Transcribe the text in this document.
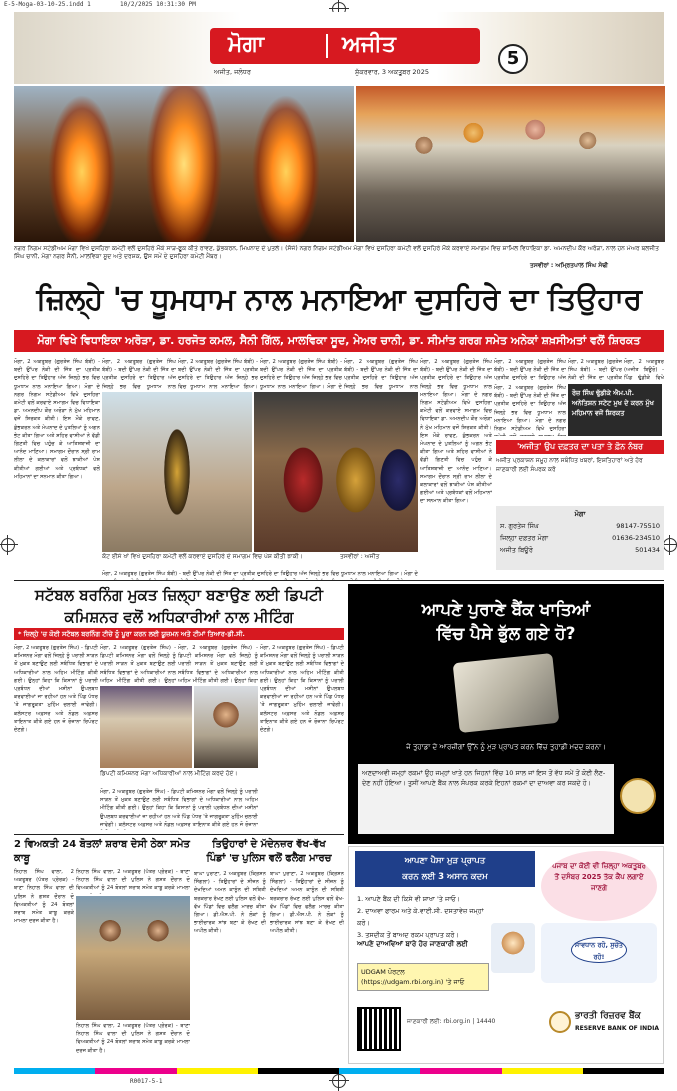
E-5-Moga-03-10-25.indd 1	10/2/2025 10:31:30 PM
ਮੋਗਾ	ਅਜੀਤ
ਅਜੀਤ, ਜਲੰਧਰ	ਸ਼ੁੱਕਰਵਾਰ, 3 ਅਕਤੂਬਰ 2025
5
ਨਗਰ ਨਿਗਮ ਸਟੇਡੀਅਮ ਮੋਗਾ ਵਿਖੇ ਦੁਸਹਿਰਾ ਕਮੇਟੀ ਵਲੋਂ ਦੁਸਹਿਰੇ ਮੌਕੇ ਸਾੜ-ਫੂਕ ਕੀਤੇ ਰਾਵਣ, ਕੁੰਭਕਰਨ, ਮਿਘਨਾਦ ਦੇ ਪੁਤਲੇ। (ਸੱਜੇ) ਨਗਰ ਨਿਗਮ ਸਟੇਡੀਅਮ ਮੋਗਾ ਵਿਖੇ ਦੁਸਹਿਰਾ ਕਮੇਟੀ ਵਲੋਂ ਦੁਸਹਿਰੇ ਮੌਕੇ ਕਰਵਾਏ ਸਮਾਗਮ ਵਿਚ ਸ਼ਾਮਿਲ ਵਿਧਾਇਕਾ ਡਾ. ਅਮਨਦੀਪ ਕੌਰ ਅਰੋੜਾ, ਨਾਲ ਹਨ ਮੇਅਰ ਬਲਜੀਤ ਸਿੰਘ ਚਾਨੀ, ਮੋਗਾ ਨਗਰ ਸੈਨੀ, ਮਾਲਵਿਕਾ ਸੂਦ ਅਤੇ ਦਰਸ਼ਕ, ਉਸ ਸਮੇਂ ਦੇ ਦੁਸਹਿਰਾ ਕਮੇਟੀ ਮੈਂਬਰ।
ਤਸਵੀਰਾਂ : ਅਮ੍ਰਿਤਪਾਲ ਸਿੰਘ ਸੋਢੀ
ਜ਼ਿਲ੍ਹੇ 'ਚ ਧੂਮਧਾਮ ਨਾਲ ਮਨਾਇਆ ਦੁਸਹਿਰੇ ਦਾ ਤਿਉਹਾਰ
ਮੋਗਾ ਵਿਖੇ ਵਿਧਾਇਕਾ ਅਰੋੜਾ, ਡਾ. ਹਰਜੋਤ ਕਮਲ, ਸੈਨੀ ਗਿੱਲ, ਮਾਲਵਿਕਾ ਸੂਦ, ਮੇਅਰ ਚਾਨੀ, ਡਾ. ਸੀਮਾਂਤ ਗਰਗ ਸਮੇਤ ਅਨੇਕਾਂ ਸ਼ਖ਼ਸੀਅਤਾਂ ਵਲੋਂ ਸ਼ਿਰਕਤ
ਮੋਗਾ, 2 ਅਕਤੂਬਰ (ਗੁਰਤੇਜ ਸਿੰਘ ਬੱਬੀ) - ਬਦੀ ਉੱਪਰ ਨੇਕੀ ਦੀ ਜਿੱਤ ਦਾ ਪ੍ਰਤੀਕ ਦੁਸਹਿਰੇ ਦਾ ਤਿਉਹਾਰ ਅੱਜ ਜ਼ਿਲ੍ਹੇ ਭਰ ਵਿਚ ਧੂਮਧਾਮ ਨਾਲ ਮਨਾਇਆ ਗਿਆ। ਮੋਗਾ ਦੇ ਨਗਰ ਨਿਗਮ ਸਟੇਡੀਅਮ ਵਿਖੇ ਦੁਸਹਿਰਾ ਕਮੇਟੀ ਵਲੋਂ ਕਰਵਾਏ ਸਮਾਗਮ ਵਿਚ ਵਿਧਾਇਕਾ ਡਾ. ਅਮਨਦੀਪ ਕੌਰ ਅਰੋੜਾ ਨੇ ਮੁੱਖ ਮਹਿਮਾਨ ਵਜੋਂ ਸ਼ਿਰਕਤ ਕੀਤੀ। ਇਸ ਮੌਕੇ ਰਾਵਣ, ਕੁੰਭਕਰਨ ਅਤੇ ਮੇਘਨਾਦ ਦੇ ਪੁਤਲਿਆਂ ਨੂੰ ਅਗਨ ਭੇਟ ਕੀਤਾ ਗਿਆ ਅਤੇ ਸ਼ਹਿਰ ਵਾਸੀਆਂ ਨੇ ਵੱਡੀ ਗਿਣਤੀ ਵਿਚ ਪਹੁੰਚ ਕੇ ਆਤਿਸ਼ਬਾਜ਼ੀ ਦਾ ਆਨੰਦ ਮਾਣਿਆ। ਸਮਾਗਮ ਦੌਰਾਨ ਸ੍ਰੀ ਰਾਮ ਲੀਲਾ ਦੇ ਕਲਾਕਾਰਾਂ ਵਲੋਂ ਝਾਕੀਆਂ ਪੇਸ਼ ਕੀਤੀਆਂ ਗਈਆਂ ਅਤੇ ਪ੍ਰਬੰਧਕਾਂ ਵਲੋਂ ਮਹਿਮਾਨਾਂ ਦਾ ਸਨਮਾਨ ਕੀਤਾ ਗਿਆ।
ਮੋਗਾ, 2 ਅਕਤੂਬਰ (ਗੁਰਤੇਜ ਸਿੰਘ ਬੱਬੀ) - ਬਦੀ ਉੱਪਰ ਨੇਕੀ ਦੀ ਜਿੱਤ ਦਾ ਪ੍ਰਤੀਕ ਦੁਸਹਿਰੇ ਦਾ ਤਿਉਹਾਰ ਅੱਜ ਜ਼ਿਲ੍ਹੇ ਭਰ ਵਿਚ ਧੂਮਧਾਮ ਨਾਲ
ਮੋਗਾ, 2 ਅਕਤੂਬਰ (ਗੁਰਤੇਜ ਸਿੰਘ ਬੱਬੀ) - ਬਦੀ ਉੱਪਰ ਨੇਕੀ ਦੀ ਜਿੱਤ ਦਾ ਪ੍ਰਤੀਕ ਦੁਸਹਿਰੇ ਦਾ ਤਿਉਹਾਰ ਅੱਜ ਜ਼ਿਲ੍ਹੇ ਭਰ ਵਿਚ ਧੂਮਧਾਮ ਨਾਲ ਮਨਾਇਆ ਗਿਆ।
ਮੋਗਾ, 2 ਅਕਤੂਬਰ (ਗੁਰਤੇਜ ਸਿੰਘ ਬੱਬੀ) - ਬਦੀ ਉੱਪਰ ਨੇਕੀ ਦੀ ਜਿੱਤ ਦਾ ਪ੍ਰਤੀਕ ਦੁਸਹਿਰੇ ਦਾ ਤਿਉਹਾਰ ਅੱਜ ਜ਼ਿਲ੍ਹੇ ਭਰ ਵਿਚ ਧੂਮਧਾਮ ਨਾਲ ਮਨਾਇਆ ਗਿਆ। ਮੋਗਾ ਦੇ
ਮੋਗਾ, 2 ਅਕਤੂਬਰ (ਗੁਰਤੇਜ ਸਿੰਘ ਬੱਬੀ) - ਬਦੀ ਉੱਪਰ ਨੇਕੀ ਦੀ ਜਿੱਤ ਦਾ ਪ੍ਰਤੀਕ ਦੁਸਹਿਰੇ ਦਾ ਤਿਉਹਾਰ ਅੱਜ ਜ਼ਿਲ੍ਹੇ ਭਰ ਵਿਚ ਧੂਮਧਾਮ ਨਾਲ
ਕੋਟ ਈਸੇ ਖਾਂ ਵਿਖੇ ਦੁਸਹਿਰਾ ਕਮੇਟੀ ਵਲੋਂ ਕਰਵਾਏ ਦੁਸਹਿਰੇ ਦੇ ਸਮਾਗਮ ਵਿਚ ਪੇਸ਼ ਕੀਤੀ ਝਾਕੀ।	ਤਸਵੀਰਾਂ : ਅਜੀਤ
ਮੋਗਾ, 2 ਅਕਤੂਬਰ (ਗੁਰਤੇਜ ਸਿੰਘ ਬੱਬੀ) - ਬਦੀ ਉੱਪਰ ਨੇਕੀ ਦੀ ਜਿੱਤ ਦਾ ਪ੍ਰਤੀਕ ਦੁਸਹਿਰੇ ਦਾ ਤਿਉਹਾਰ ਅੱਜ ਜ਼ਿਲ੍ਹੇ ਭਰ ਵਿਚ ਧੂਮਧਾਮ ਨਾਲ ਮਨਾਇਆ ਗਿਆ। ਮੋਗਾ ਦੇ
ਮੋਗਾ, 2 ਅਕਤੂਬਰ (ਗੁਰਤੇਜ ਸਿੰਘ ਬੱਬੀ) - ਬਦੀ ਉੱਪਰ ਨੇਕੀ ਦੀ ਜਿੱਤ ਦਾ ਪ੍ਰਤੀਕ ਦੁਸਹਿਰੇ ਦਾ ਤਿਉਹਾਰ ਅੱਜ ਜ਼ਿਲ੍ਹੇ ਭਰ ਵਿਚ ਧੂਮਧਾਮ ਨਾਲ ਮਨਾਇਆ ਗਿਆ। ਮੋਗਾ ਦੇ ਨਗਰ ਨਿਗਮ ਸਟੇਡੀਅਮ ਵਿਖੇ ਦੁਸਹਿਰਾ ਕਮੇਟੀ ਵਲੋਂ ਕਰਵਾਏ ਸਮਾਗਮ ਵਿਚ ਵਿਧਾਇਕਾ ਡਾ. ਅਮਨਦੀਪ ਕੌਰ ਅਰੋੜਾ ਨੇ ਮੁੱਖ ਮਹਿਮਾਨ ਵਜੋਂ ਸ਼ਿਰਕਤ ਕੀਤੀ। ਇਸ ਮੌਕੇ ਰਾਵਣ, ਕੁੰਭਕਰਨ ਅਤੇ ਮੇਘਨਾਦ ਦੇ ਪੁਤਲਿਆਂ ਨੂੰ ਅਗਨ ਭੇਟ ਕੀਤਾ ਗਿਆ ਅਤੇ ਸ਼ਹਿਰ ਵਾਸੀਆਂ ਨੇ ਵੱਡੀ ਗਿਣਤੀ ਵਿਚ ਪਹੁੰਚ ਕੇ ਆਤਿਸ਼ਬਾਜ਼ੀ ਦਾ ਆਨੰਦ ਮਾਣਿਆ। ਸਮਾਗਮ ਦੌਰਾਨ ਸ੍ਰੀ ਰਾਮ ਲੀਲਾ ਦੇ ਕਲਾਕਾਰਾਂ ਵਲੋਂ ਝਾਕੀਆਂ ਪੇਸ਼ ਕੀਤੀਆਂ ਗਈਆਂ ਅਤੇ ਪ੍ਰਬੰਧਕਾਂ ਵਲੋਂ ਮਹਿਮਾਨਾਂ ਦਾ ਸਨਮਾਨ ਕੀਤਾ ਗਿਆ।
ਮੋਗਾ, 2 ਅਕਤੂਬਰ (ਗੁਰਤੇਜ ਸਿੰਘ ਬੱਬੀ) - ਬਦੀ ਉੱਪਰ ਨੇਕੀ ਦੀ ਜਿੱਤ ਦਾ ਪ੍ਰਤੀਕ ਦੁਸਹਿਰੇ ਦਾ ਤਿਉਹਾਰ ਅੱਜ
ਮੋਗਾ, 2 ਅਕਤੂਬਰ (ਗੁਰਤੇਜ ਸਿੰਘ ਬੱਬੀ) - ਬਦੀ ਉੱਪਰ ਨੇਕੀ ਦੀ ਜਿੱਤ ਦਾ ਪ੍ਰਤੀਕ
ਰੋਜ਼ ਸਿੰਘ ਢੁੱਡੀਕੇ ਐਮ.ਪੀ. ਅਨੇਤਿਸ਼ਨ ਸਟੇਟ ਮੁਖ ਦੇ ਕਰਨ ਮੁੱਖ ਮਹਿਮਾਨ ਵਜੋਂ ਸ਼ਿਰਕਤ
ਮੋਗਾ, 2 ਅਕਤੂਬਰ (ਅਜੀਤ ਬਿਊਰੋ) - ਪਿੰਡ ਢੁੱਡੀਕੇ ਵਿਖੇ
ਮੋਗਾ, 2 ਅਕਤੂਬਰ (ਗੁਰਤੇਜ ਸਿੰਘ ਬੱਬੀ) - ਬਦੀ ਉੱਪਰ ਨੇਕੀ ਦੀ ਜਿੱਤ ਦਾ ਪ੍ਰਤੀਕ ਦੁਸਹਿਰੇ ਦਾ ਤਿਉਹਾਰ ਅੱਜ ਜ਼ਿਲ੍ਹੇ ਭਰ ਵਿਚ ਧੂਮਧਾਮ ਨਾਲ ਮਨਾਇਆ ਗਿਆ। ਮੋਗਾ ਦੇ ਨਗਰ ਨਿਗਮ ਸਟੇਡੀਅਮ ਵਿਖੇ ਦੁਸਹਿਰਾ
'ਅਜੀਤ' ਉਪ ਦਫ਼ਤਰ ਦਾ ਪਤਾ ਤੇ ਫ਼ੋਨ ਨੰਬਰ
ਅਜੀਤ ਪ੍ਰਕਾਸ਼ਨ ਸਮੂਹ ਨਾਲ ਸਬੰਧਿਤ ਖ਼ਬਰਾਂ, ਇਸ਼ਤਿਹਾਰਾਂ ਅਤੇ ਹੋਰ ਜਾਣਕਾਰੀ ਲਈ ਸੰਪਰਕ ਕਰੋ
ਮੋਗਾ
ਸ. ਗੁਰਤੇਜ ਸਿੰਘ	98147-75510
ਜਿਲ੍ਹਾ ਦਫ਼ਤਰ ਮੋਗਾ	01636-234510
ਅਜੀਤ ਬਿਊਰੋ	501434
ਸਟੱਬਲ ਬਰਨਿੰਗ ਮੁਕਤ ਜ਼ਿਲ੍ਹਾ ਬਣਾਉਣ ਲਈ ਡਿਪਟੀ
ਕਮਿਸ਼ਨਰ ਵਲੋਂ ਅਧਿਕਾਰੀਆਂ ਨਾਲ ਮੀਟਿੰਗ
* ਜ਼ਿਲ੍ਹੇ 'ਚ ਕੋਈ ਸਟੱਬਲ ਬਰਨਿੰਗ ਟੀਚੇ ਨੂੰ ਪੂਰਾ ਕਰਨ ਲਈ ਯੂਜ਼ਮਨ ਅਤੇ ਟੀਮਾਂ ਤਿਆਰ-ਡੀ.ਸੀ.
ਮੋਗਾ, 2 ਅਕਤੂਬਰ (ਗੁਰਤੇਜ ਸਿੰਘ) - ਡਿਪਟੀ ਕਮਿਸ਼ਨਰ ਮੋਗਾ ਵਲੋਂ ਜ਼ਿਲ੍ਹੇ ਨੂੰ ਪਰਾਲੀ ਸਾੜਨ ਤੋਂ ਮੁਕਤ ਬਣਾਉਣ ਲਈ ਸਬੰਧਿਤ ਵਿਭਾਗਾਂ ਦੇ ਅਧਿਕਾਰੀਆਂ ਨਾਲ ਅਹਿਮ ਮੀਟਿੰਗ ਕੀਤੀ ਗਈ। ਉਨ੍ਹਾਂ ਕਿਹਾ ਕਿ ਕਿਸਾਨਾਂ ਨੂੰ ਪਰਾਲੀ ਪ੍ਰਬੰਧਨ ਦੀਆਂ ਮਸ਼ੀਨਾਂ ਉਪਲਬਧ ਕਰਵਾਈਆਂ ਜਾ ਰਹੀਆਂ ਹਨ ਅਤੇ ਪਿੰਡ ਪੱਧਰ 'ਤੇ ਜਾਗਰੂਕਤਾ ਮੁਹਿੰਮ ਚਲਾਈ ਜਾਵੇਗੀ। ਕਲੱਸਟਰ ਅਫ਼ਸਰ ਅਤੇ ਨੋਡਲ ਅਫ਼ਸਰ ਤਾਇਨਾਤ ਕੀਤੇ ਗਏ ਹਨ ਜੋ ਰੋਜ਼ਾਨਾ ਰਿਪੋਰਟ ਦੇਣਗੇ।
ਮੋਗਾ, 2 ਅਕਤੂਬਰ (ਗੁਰਤੇਜ ਸਿੰਘ) - ਡਿਪਟੀ ਕਮਿਸ਼ਨਰ ਮੋਗਾ ਵਲੋਂ ਜ਼ਿਲ੍ਹੇ ਨੂੰ ਪਰਾਲੀ ਸਾੜਨ ਤੋਂ ਮੁਕਤ ਬਣਾਉਣ ਲਈ ਸਬੰਧਿਤ ਵਿਭਾਗਾਂ ਦੇ ਅਧਿਕਾਰੀਆਂ ਨਾਲ ਅਹਿਮ ਮੀਟਿੰਗ ਕੀਤੀ ਗਈ। ਉਨ੍ਹਾਂ
ਮੋਗਾ, 2 ਅਕਤੂਬਰ (ਗੁਰਤੇਜ ਸਿੰਘ) - ਡਿਪਟੀ ਕਮਿਸ਼ਨਰ ਮੋਗਾ ਵਲੋਂ ਜ਼ਿਲ੍ਹੇ ਨੂੰ ਪਰਾਲੀ ਸਾੜਨ ਤੋਂ ਮੁਕਤ ਬਣਾਉਣ ਲਈ ਸਬੰਧਿਤ ਵਿਭਾਗਾਂ ਦੇ ਅਧਿਕਾਰੀਆਂ ਨਾਲ ਅਹਿਮ ਮੀਟਿੰਗ ਕੀਤੀ ਗਈ। ਉਨ੍ਹਾਂ ਕਿਹਾ
ਮੋਗਾ, 2 ਅਕਤੂਬਰ (ਗੁਰਤੇਜ ਸਿੰਘ) - ਡਿਪਟੀ ਕਮਿਸ਼ਨਰ ਮੋਗਾ ਵਲੋਂ ਜ਼ਿਲ੍ਹੇ ਨੂੰ ਪਰਾਲੀ ਸਾੜਨ ਤੋਂ ਮੁਕਤ ਬਣਾਉਣ ਲਈ ਸਬੰਧਿਤ ਵਿਭਾਗਾਂ ਦੇ ਅਧਿਕਾਰੀਆਂ ਨਾਲ ਅਹਿਮ ਮੀਟਿੰਗ ਕੀਤੀ ਗਈ। ਉਨ੍ਹਾਂ ਕਿਹਾ ਕਿ ਕਿਸਾਨਾਂ ਨੂੰ ਪਰਾਲੀ ਪ੍ਰਬੰਧਨ ਦੀਆਂ ਮਸ਼ੀਨਾਂ ਉਪਲਬਧ ਕਰਵਾਈਆਂ ਜਾ ਰਹੀਆਂ ਹਨ ਅਤੇ ਪਿੰਡ ਪੱਧਰ 'ਤੇ ਜਾਗਰੂਕਤਾ ਮੁਹਿੰਮ ਚਲਾਈ ਜਾਵੇਗੀ। ਕਲੱਸਟਰ ਅਫ਼ਸਰ ਅਤੇ ਨੋਡਲ ਅਫ਼ਸਰ ਤਾਇਨਾਤ ਕੀਤੇ ਗਏ ਹਨ ਜੋ ਰੋਜ਼ਾਨਾ ਰਿਪੋਰਟ ਦੇਣਗੇ।
ਡਿਪਟੀ ਕਮਿਸ਼ਨਰ ਮੋਗਾ ਅਧਿਕਾਰੀਆਂ ਨਾਲ ਮੀਟਿੰਗ ਕਰਦੇ ਹੋਏ।
ਮੋਗਾ, 2 ਅਕਤੂਬਰ (ਗੁਰਤੇਜ ਸਿੰਘ) - ਡਿਪਟੀ ਕਮਿਸ਼ਨਰ ਮੋਗਾ ਵਲੋਂ ਜ਼ਿਲ੍ਹੇ ਨੂੰ ਪਰਾਲੀ ਸਾੜਨ ਤੋਂ ਮੁਕਤ ਬਣਾਉਣ ਲਈ ਸਬੰਧਿਤ ਵਿਭਾਗਾਂ ਦੇ ਅਧਿਕਾਰੀਆਂ ਨਾਲ ਅਹਿਮ ਮੀਟਿੰਗ ਕੀਤੀ ਗਈ। ਉਨ੍ਹਾਂ ਕਿਹਾ ਕਿ ਕਿਸਾਨਾਂ ਨੂੰ ਪਰਾਲੀ ਪ੍ਰਬੰਧਨ ਦੀਆਂ ਮਸ਼ੀਨਾਂ ਉਪਲਬਧ ਕਰਵਾਈਆਂ ਜਾ ਰਹੀਆਂ ਹਨ ਅਤੇ ਪਿੰਡ ਪੱਧਰ 'ਤੇ ਜਾਗਰੂਕਤਾ ਮੁਹਿੰਮ ਚਲਾਈ ਜਾਵੇਗੀ। ਕਲੱਸਟਰ ਅਫ਼ਸਰ ਅਤੇ ਨੋਡਲ ਅਫ਼ਸਰ ਤਾਇਨਾਤ ਕੀਤੇ ਗਏ ਹਨ ਜੋ ਰੋਜ਼ਾਨਾ
2 ਵਿਅਕਤੀ 24 ਬੋਤਲਾਂ ਸ਼ਰਾਬ ਦੇਸੀ ਠੇਕਾ ਸਮੇਤ ਕਾਬੂ
ਨਿਹਾਲ ਸਿੰਘ ਵਾਲਾ, 2 ਅਕਤੂਬਰ (ਪੱਤਰ ਪ੍ਰੇਰਕ) - ਥਾਣਾ ਨਿਹਾਲ ਸਿੰਘ ਵਾਲਾ ਦੀ ਪੁਲਿਸ ਨੇ ਗਸ਼ਤ ਦੌਰਾਨ ਦੋ ਵਿਅਕਤੀਆਂ ਨੂੰ 24 ਬੋਤਲਾਂ ਸ਼ਰਾਬ ਸਮੇਤ ਕਾਬੂ ਕਰਕੇ ਮਾਮਲਾ ਦਰਜ ਕੀਤਾ ਹੈ।
ਨਿਹਾਲ ਸਿੰਘ ਵਾਲਾ, 2 ਅਕਤੂਬਰ (ਪੱਤਰ ਪ੍ਰੇਰਕ) - ਥਾਣਾ ਨਿਹਾਲ ਸਿੰਘ ਵਾਲਾ ਦੀ ਪੁਲਿਸ ਨੇ ਗਸ਼ਤ ਦੌਰਾਨ ਦੋ ਵਿਅਕਤੀਆਂ ਨੂੰ 24 ਬੋਤਲਾਂ ਸ਼ਰਾਬ ਸਮੇਤ ਕਾਬੂ ਕਰਕੇ ਮਾਮਲਾ
ਨਿਹਾਲ ਸਿੰਘ ਵਾਲਾ, 2 ਅਕਤੂਬਰ (ਪੱਤਰ ਪ੍ਰੇਰਕ) - ਥਾਣਾ ਨਿਹਾਲ ਸਿੰਘ ਵਾਲਾ ਦੀ ਪੁਲਿਸ ਨੇ ਗਸ਼ਤ ਦੌਰਾਨ ਦੋ ਵਿਅਕਤੀਆਂ ਨੂੰ 24 ਬੋਤਲਾਂ ਸ਼ਰਾਬ ਸਮੇਤ ਕਾਬੂ ਕਰਕੇ ਮਾਮਲਾ ਦਰਜ ਕੀਤਾ ਹੈ।
ਤਿਉਹਾਰਾਂ ਦੇ ਮੱਦੇਨਜ਼ਰ ਵੱਖ-ਵੱਖ
ਪਿੰਡਾਂ 'ਚ ਪੁਲਿਸ ਵਲੋਂ ਫਲੈਗ ਮਾਰਚ
ਬਾਘਾ ਪੁਰਾਣਾ, 2 ਅਕਤੂਬਰ (ਕ੍ਰਿਸ਼ਨ ਸਿੰਗਲਾ) - ਤਿਉਹਾਰਾਂ ਦੇ ਸੀਜ਼ਨ ਨੂੰ ਦੇਖਦਿਆਂ ਅਮਨ ਕਾਨੂੰਨ ਦੀ ਸਥਿਤੀ ਬਰਕਰਾਰ ਰੱਖਣ ਲਈ ਪੁਲਿਸ ਵਲੋਂ ਵੱਖ-ਵੱਖ ਪਿੰਡਾਂ ਵਿਚ ਫਲੈਗ ਮਾਰਚ ਕੀਤਾ ਗਿਆ। ਡੀ.ਐਸ.ਪੀ. ਨੇ ਲੋਕਾਂ ਨੂੰ ਭਾਈਚਾਰਕ ਸਾਂਝ ਬਣਾ ਕੇ ਰੱਖਣ ਦੀ ਅਪੀਲ ਕੀਤੀ।
ਬਾਘਾ ਪੁਰਾਣਾ, 2 ਅਕਤੂਬਰ (ਕ੍ਰਿਸ਼ਨ ਸਿੰਗਲਾ) - ਤਿਉਹਾਰਾਂ ਦੇ ਸੀਜ਼ਨ ਨੂੰ ਦੇਖਦਿਆਂ ਅਮਨ ਕਾਨੂੰਨ ਦੀ ਸਥਿਤੀ ਬਰਕਰਾਰ ਰੱਖਣ ਲਈ ਪੁਲਿਸ ਵਲੋਂ ਵੱਖ-ਵੱਖ ਪਿੰਡਾਂ ਵਿਚ ਫਲੈਗ ਮਾਰਚ ਕੀਤਾ ਗਿਆ। ਡੀ.ਐਸ.ਪੀ. ਨੇ ਲੋਕਾਂ ਨੂੰ ਭਾਈਚਾਰਕ ਸਾਂਝ ਬਣਾ ਕੇ ਰੱਖਣ ਦੀ ਅਪੀਲ ਕੀਤੀ।
ਆਪਣੇ ਪੁਰਾਣੇ ਬੈਂਕ ਖਾਤਿਆਂ
ਵਿੱਚ ਪੈਸੇ ਭੁੱਲ ਗਏ ਹੋ?
ਜੇ ਤੁਹਾਡਾ ਦੇ ਆਰਜ਼ੀਗਾਂ ਉੱਨ ਨੂੰ ਮੁੜ ਪ੍ਰਾਪਤ ਕਰਨ ਵਿੱਚ ਤੁਹਾਡੀ ਮਦਦ ਕਰਨਾ।
ਅਣਦਾਅਵੀ ਜਮ੍ਹਾਂ ਰਕਮਾਂ ਉਹ ਜਮ੍ਹਾਂ ਖਾਤੇ ਹਨ ਜਿਹਨਾਂ ਵਿੱਚ 10 ਸਾਲ ਜਾਂ ਇਸ ਤੋਂ ਵੱਧ ਸਮੇਂ ਤੋਂ ਕੋਈ ਲੈਣ-ਦੇਣ ਨਹੀਂ ਹੋਇਆ। ਤੁਸੀਂ ਆਪਣੇ ਬੈਂਕ ਨਾਲ ਸੰਪਰਕ ਕਰਕੇ ਇਹਨਾਂ ਰਕਮਾਂ ਦਾ ਦਾਅਵਾ ਕਰ ਸਕਦੇ ਹੋ।
ਆਪਣਾ ਪੈਸਾ ਮੁੜ ਪ੍ਰਾਪਤ
ਕਰਨ ਲਈ 3 ਅਸਾਨ ਕਦਮ
ਪੰਜਾਬ ਦਾ ਕੋਈ ਵੀ ਜ਼ਿਲ੍ਹਾ ਅਕਤੂਬਰ ਤੋਂ ਦਸੰਬਰ 2025 ਤੱਕ ਕੈਂਪ ਲਗਾਏ ਜਾਣਗੇ
1. ਆਪਣੇ ਬੈਂਕ ਦੀ ਕਿਸੇ ਵੀ ਸ਼ਾਖਾ 'ਤੇ ਜਾਓ।
2. ਦਾਅਵਾ ਫਾਰਮ ਅਤੇ ਕੇ.ਵਾਈ.ਸੀ. ਦਸਤਾਵੇਜ਼ ਜਮ੍ਹਾਂ ਕਰੋ।
3. ਤਸਦੀਕ ਤੋਂ ਬਾਅਦ ਰਕਮ ਪ੍ਰਾਪਤ ਕਰੋ।
ਸਾਵਧਾਨ ਰਹੋ, ਸੁਚੇਤ ਰਹੋ!
ਆਪਣੇ ਦਾਅਵਿਆਂ ਬਾਰੇ ਹੋਰ ਜਾਣਕਾਰੀ ਲਈ
UDGAM ਪੋਰਟਲ (https://udgam.rbi.org.in) 'ਤੇ ਜਾਓ
ਜਾਣਕਾਰੀ ਲਈ: rbi.org.in | 14440
ਭਾਰਤੀ ਰਿਜ਼ਰਵ ਬੈਂਕ
RESERVE BANK OF INDIA
R0017-5-1
